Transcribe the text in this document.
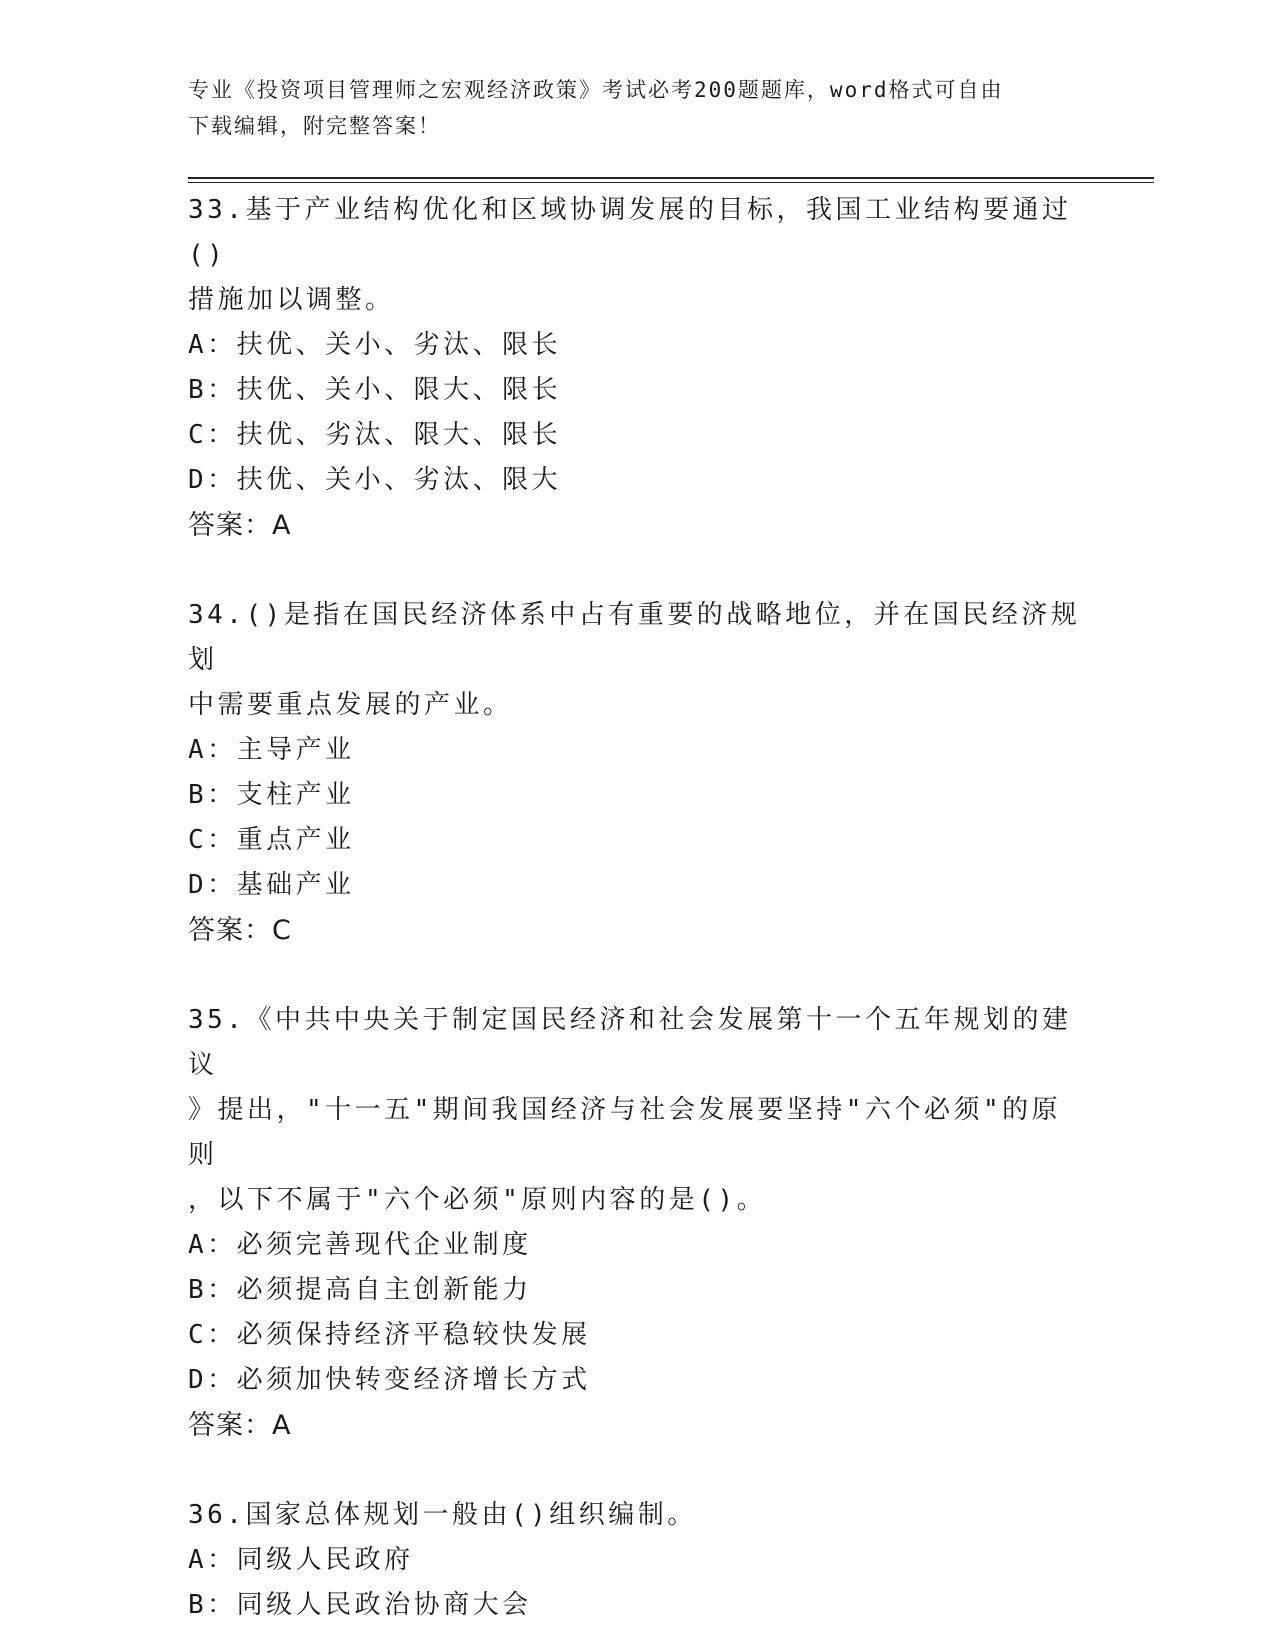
专业《投资项目管理师之宏观经济政策》考试必考200题题库，word格式可自由
下载编辑，附完整答案！
33.基于产业结构优化和区域协调发展的目标，我国工业结构要通过()
措施加以调整。
A：扶优、关小、劣汰、限长
B：扶优、关小、限大、限长
C：扶优、劣汰、限大、限长
D：扶优、关小、劣汰、限大
答案：A
34.()是指在国民经济体系中占有重要的战略地位，并在国民经济规划
中需要重点发展的产业。
A：主导产业
B：支柱产业
C：重点产业
D：基础产业
答案：C
35.《中共中央关于制定国民经济和社会发展第十一个五年规划的建议
》提出，"十一五"期间我国经济与社会发展要坚持"六个必须"的原则
，以下不属于"六个必须"原则内容的是()。
A：必须完善现代企业制度
B：必须提高自主创新能力
C：必须保持经济平稳较快发展
D：必须加快转变经济增长方式
答案：A
36.国家总体规划一般由()组织编制。
A：同级人民政府
B：同级人民政治协商大会
